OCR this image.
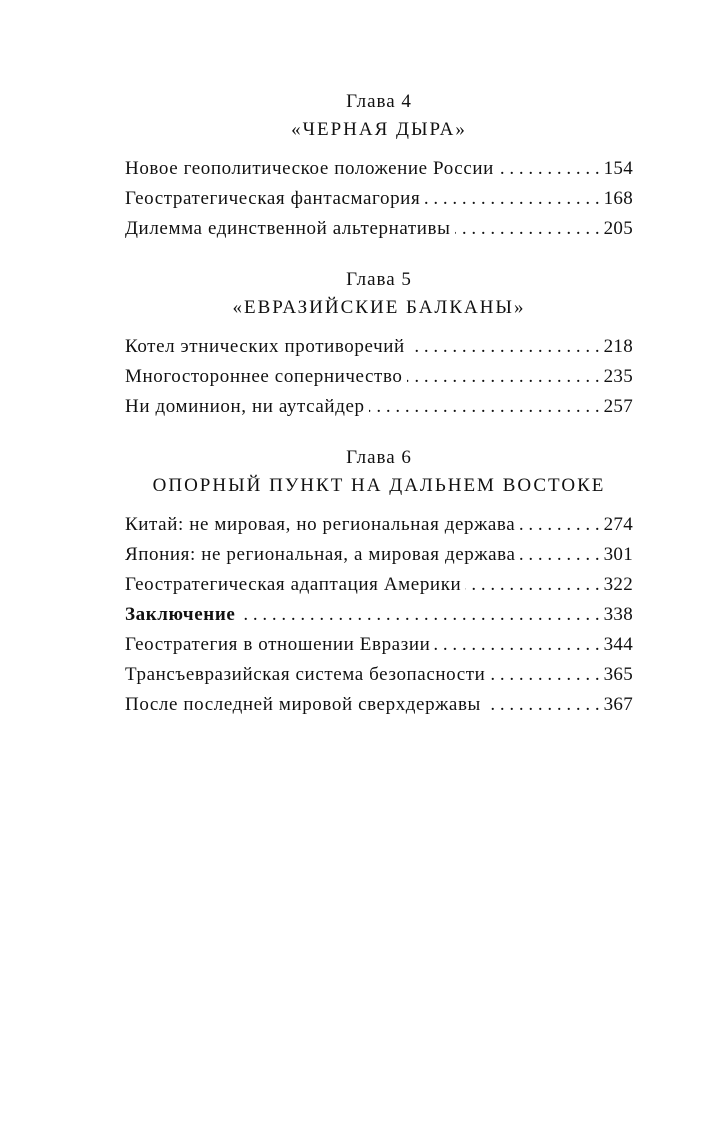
Глава 4
«ЧЕРНАЯ ДЫРА»
Новое геополитическое положение России . . .	154
Геостратегическая фантасмагория . . .	168
Дилемма единственной альтернативы . . .	205
Глава 5
«ЕВРАЗИЙСКИЕ БАЛКАНЫ»
Котел этнических противоречий . . .	218
Многостороннее соперничество . . .	235
Ни доминион, ни аутсайдер . . .	257
Глава 6
ОПОРНЫЙ ПУНКТ НА ДАЛЬНЕМ ВОСТОКЕ
Китай: не мировая, но региональная держава . . .	274
Япония: не региональная, а мировая держава . . .	301
Геостратегическая адаптация Америки . . .	322
Заключение . . .	338
Геостратегия в отношении Евразии . . .	344
Трансъевразийская система безопасности . . .	365
После последней мировой сверхдержавы . . .	367
